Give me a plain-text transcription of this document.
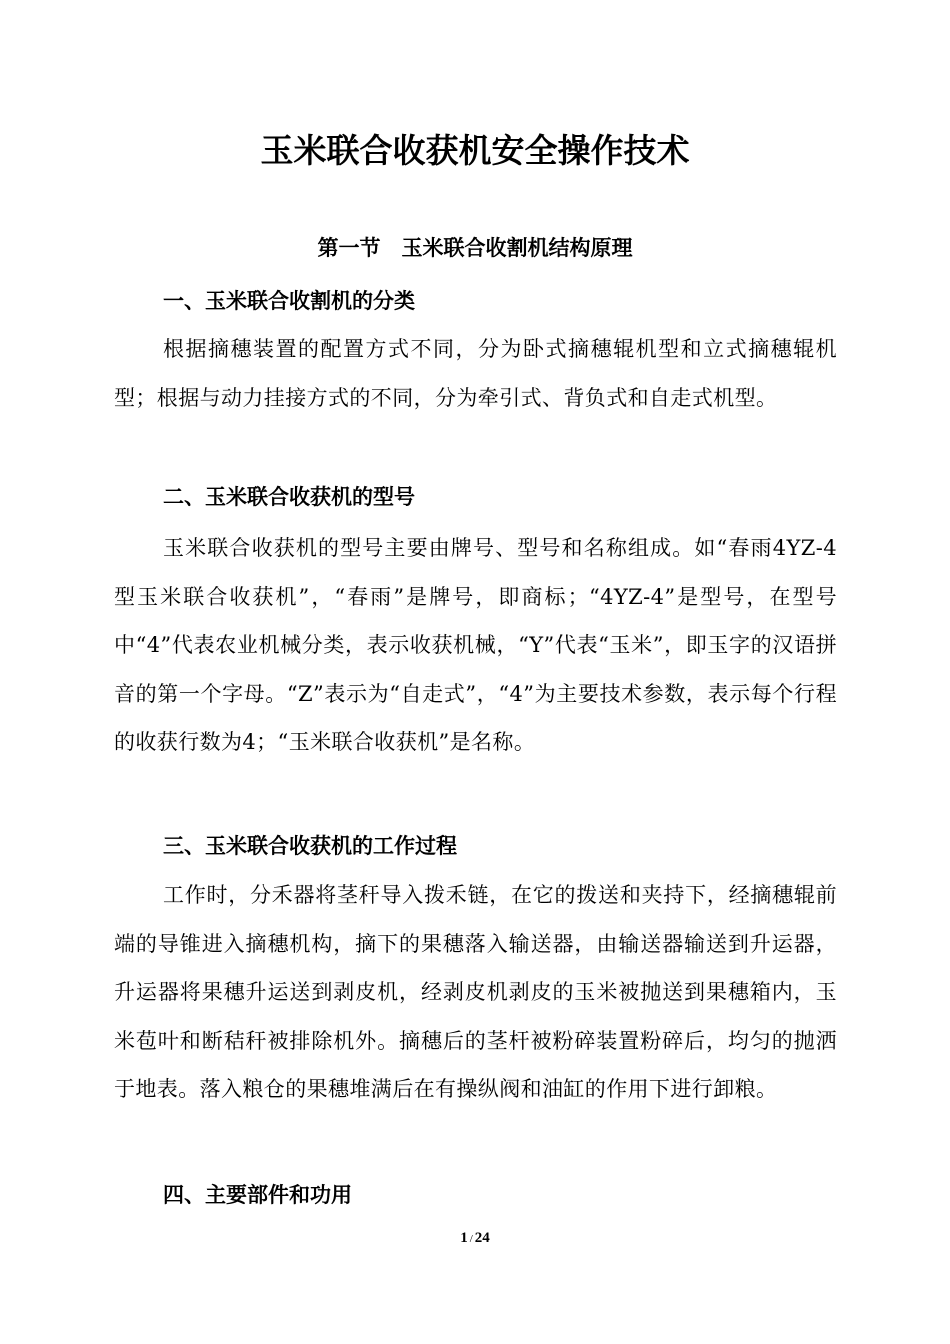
玉米联合收获机安全操作技术
第一节　玉米联合收割机结构原理
一、玉米联合收割机的分类

根据摘穗装置的配置方式不同，分为卧式摘穗辊机型和立式摘穗辊机型；根据与动力挂接方式的不同，分为牵引式、背负式和自走式机型。

二、玉米联合收获机的型号

玉米联合收获机的型号主要由牌号、型号和名称组成。如“春雨4YZ-4型玉米联合收获机”，“春雨”是牌号，即商标；“4YZ-4”是型号，在型号中“4”代表农业机械分类，表示收获机械，“Y”代表“玉米”，即玉字的汉语拼音的第一个字母。“Z”表示为“自走式”，“4”为主要技术参数，表示每个行程的收获行数为4；“玉米联合收获机”是名称。

三、玉米联合收获机的工作过程

工作时，分禾器将茎秆导入拨禾链，在它的拨送和夹持下，经摘穗辊前端的导锥进入摘穗机构，摘下的果穗落入输送器，由输送器输送到升运器，升运器将果穗升运送到剥皮机，经剥皮机剥皮的玉米被抛送到果穗箱内，玉米苞叶和断秸秆被排除机外。摘穗后的茎杆被粉碎装置粉碎后，均匀的抛洒于地表。落入粮仓的果穗堆满后在有操纵阀和油缸的作用下进行卸粮。

四、主要部件和功用
1 / 24
